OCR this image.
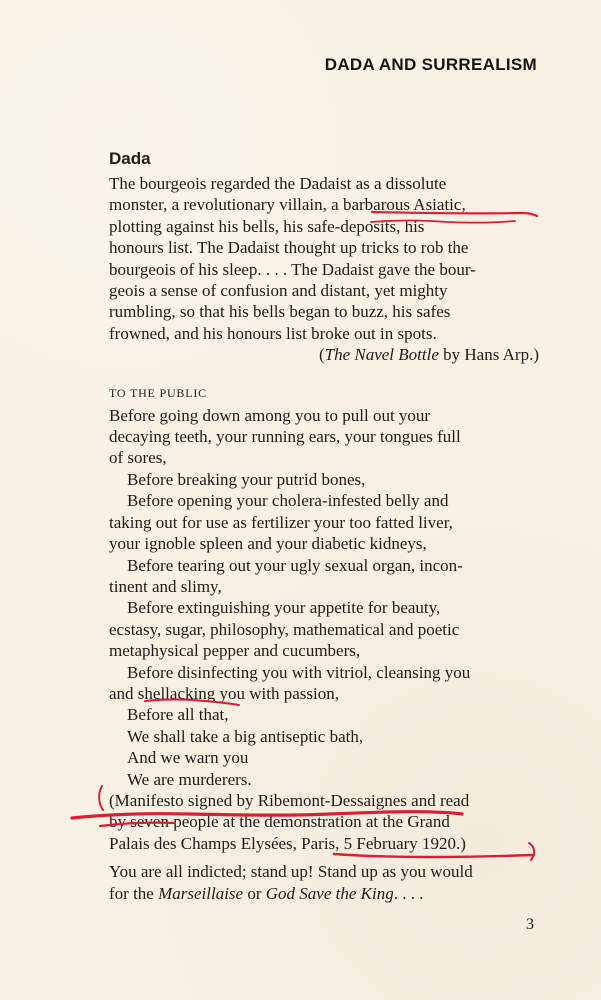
DADA AND SURREALISM
Dada
The bourgeois regarded the Dadaist as a dissolute
monster, a revolutionary villain, a barbarous Asiatic,
plotting against his bells, his safe-deposits, his
honours list. The Dadaist thought up tricks to rob the
bourgeois of his sleep. . . . The Dadaist gave the bour-
geois a sense of confusion and distant, yet mighty
rumbling, so that his bells began to buzz, his safes
frowned, and his honours list broke out in spots.
(The Navel Bottle by Hans Arp.)
TO THE PUBLIC
Before going down among you to pull out your
decaying teeth, your running ears, your tongues full
of sores,
Before breaking your putrid bones,
Before opening your cholera-infested belly and
taking out for use as fertilizer your too fatted liver,
your ignoble spleen and your diabetic kidneys,
Before tearing out your ugly sexual organ, incon-
tinent and slimy,
Before extinguishing your appetite for beauty,
ecstasy, sugar, philosophy, mathematical and poetic
metaphysical pepper and cucumbers,
Before disinfecting you with vitriol, cleansing you
and shellacking you with passion,
Before all that,
We shall take a big antiseptic bath,
And we warn you
We are murderers.
(Manifesto signed by Ribemont-Dessaignes and read
by seven people at the demonstration at the Grand
Palais des Champs Elysées, Paris, 5 February 1920.)
You are all indicted; stand up! Stand up as you would
for the Marseillaise or God Save the King. . . .
3
